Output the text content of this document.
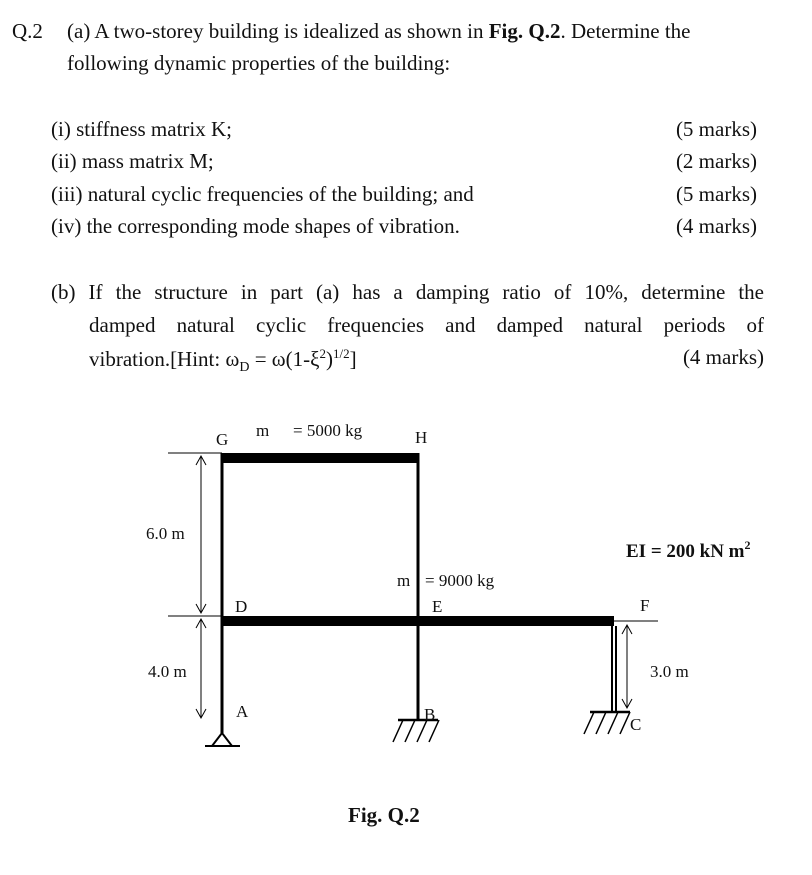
Q.2 (a) A two-storey building is idealized as shown in Fig. Q.2. Determine the
following dynamic properties of the building:
(i) stiffness matrix K;	(5 marks)
(ii) mass matrix M;	(2 marks)
(iii) natural cyclic frequencies of the building; and	(5 marks)
(iv) the corresponding mode shapes of vibration.	(4 marks)
(b) If the structure in part (a) has a damping ratio of 10%, determine the
damped natural cyclic frequencies and damped natural periods of
vibration.[Hint: $\omega_D = \omega(1-\xi^2)^{1/2}$]	(4 marks)
G	H
D	E	F
A	B
C
m = 5000 kg
m = 9000 kg
6.0 m
4.0 m	3.0 m
EI = 200 kN $m^2$
Fig. Q.2
